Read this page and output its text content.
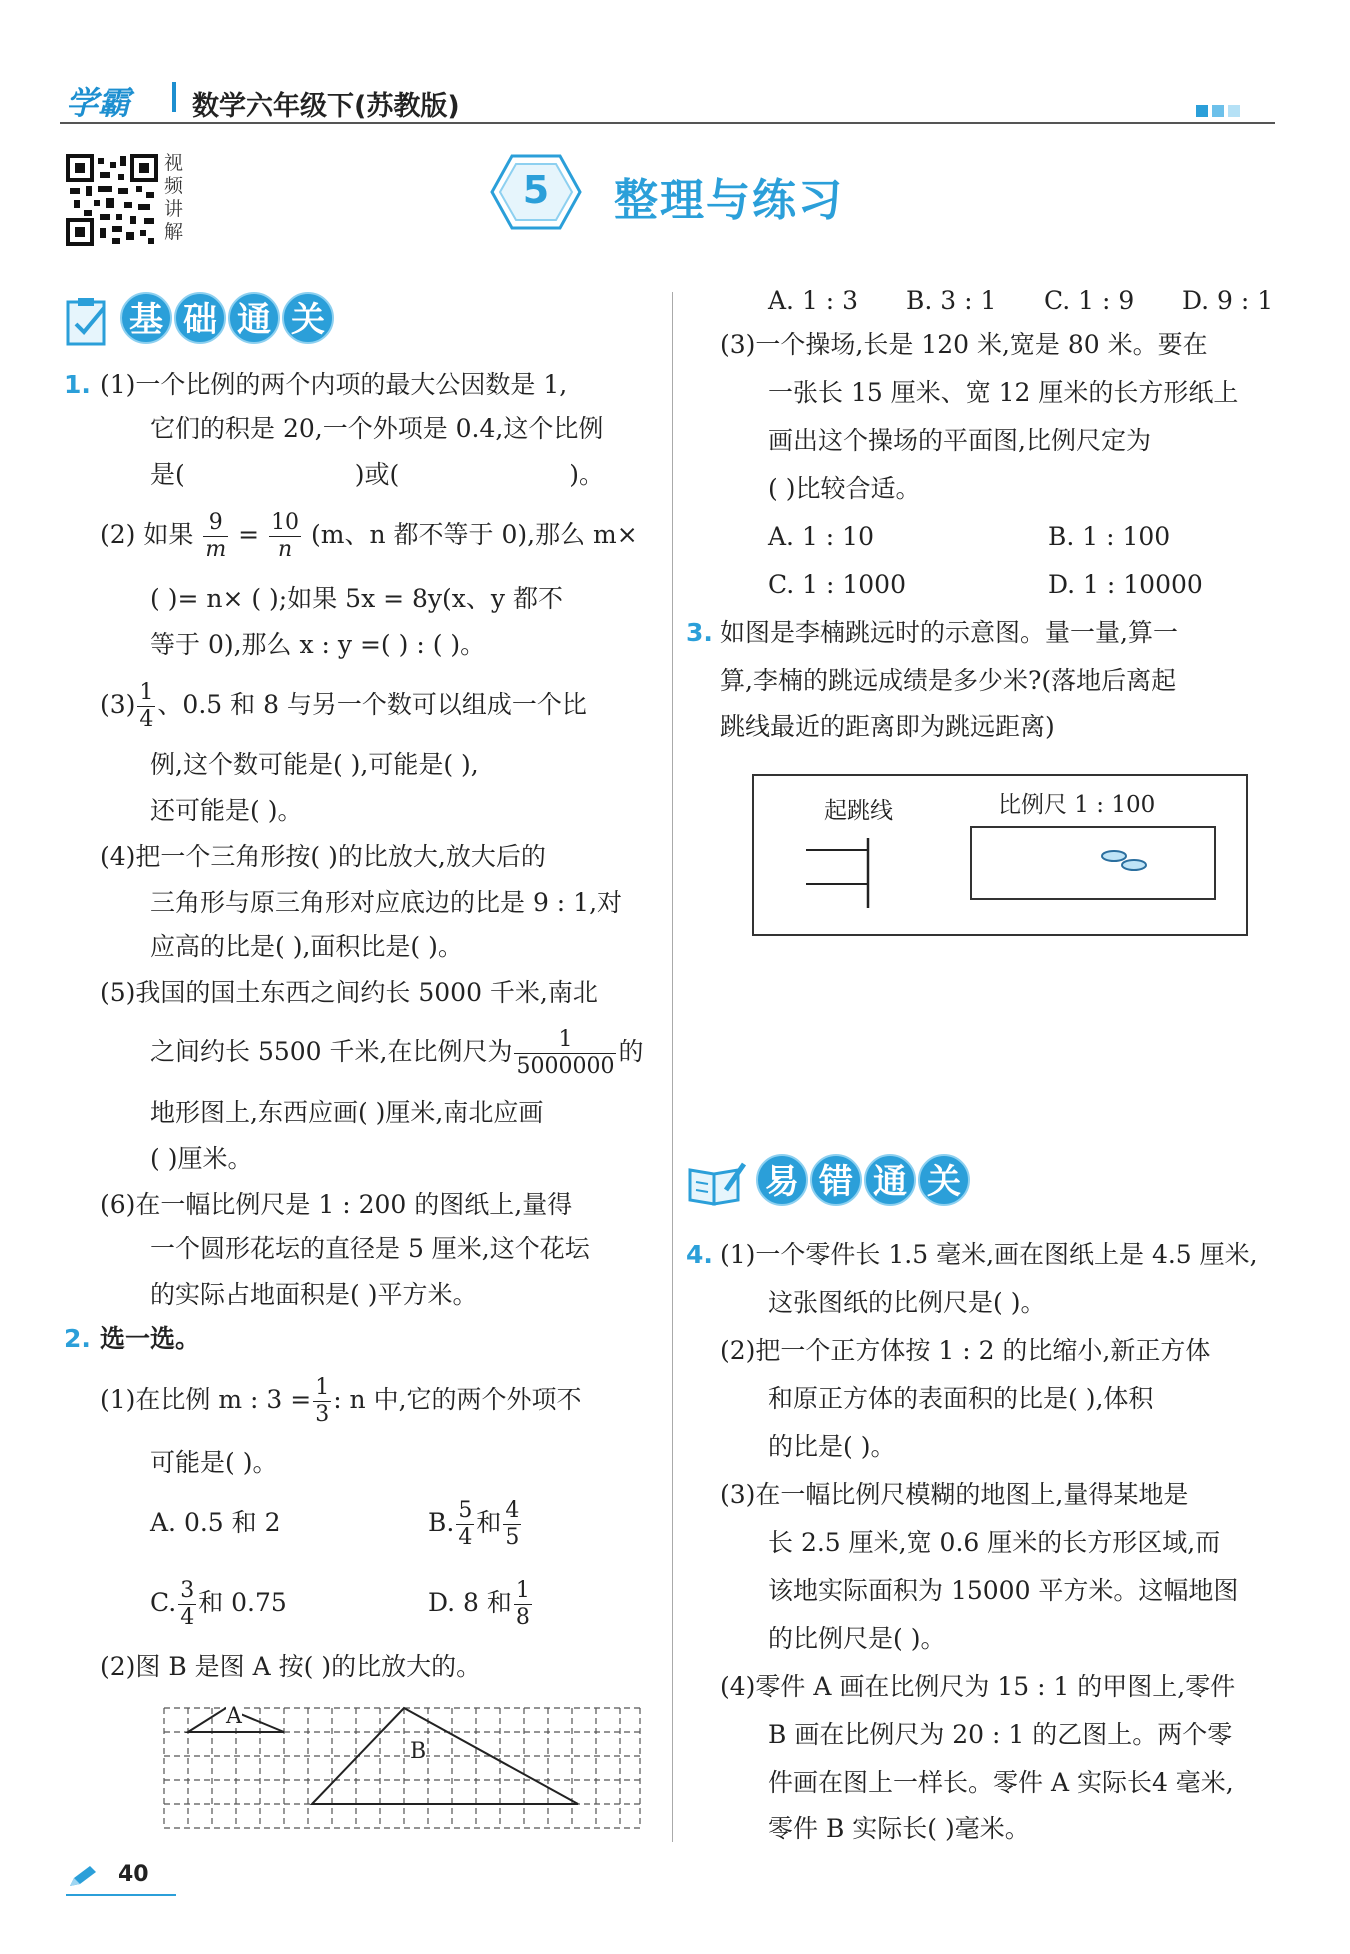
学霸 数学六年级下(苏教版)
视
频
讲
解
5	整理与练习
基 础 通 关
1. (1)一个比例的两个内项的最大公因数是 1,
它们的积是 20,一个外项是 0.4,这个比例
是(	)或(	)。
(2) 如果 $\frac{9}{m} = \frac{10}{n} (m$、n 都不等于 0),那么 m×
( )= n× ( );如果 5x = 8y(x、y 都不
等于 0),那么 x : y =( ) : ( )。
$(3) \frac{1}{4}$ 、0.5 和 8 与另一个数可以组成一个比
例,这个数可能是( ),可能是( ),
还可能是( )。
(4)把一个三角形按( )的比放大,放大后的
三角形与原三角形对应底边的比是 9 : 1,对
应高的比是( ),面积比是( )。
(5)我国的国土东西之间约长 5000 千米,南北
之间约长 5500 千米,在比例尺为 $\frac{1}{5000000}$ 的
地形图上,东西应画( )厘米,南北应画
( )厘米。
(6)在一幅比例尺是 1 : 200 的图纸上,量得
一个圆形花坛的直径是 5 厘米,这个花坛
的实际占地面积是( )平方米。
2. 选一选。
(1)在比例 m : $3 = \frac{1}{3}$ : n 中,它的两个外项不
可能是( )。
A. 0.5 和 2	B. $\frac{5}{4}$ 和 $\frac{4}{5}$
C. $\frac{3}{4}$ 和 0.75	D. 8 和 $\frac{1}{8}$
(2)图 B 是图 A 按( )的比放大的。
A
B
A. 1 : 3 B. 3 : 1 C. 1 : 9 D. 9 : 1
(3)一个操场,长是 120 米,宽是 80 米。要在
一张长 15 厘米、宽 12 厘米的长方形纸上
画出这个操场的平面图,比例尺定为
( )比较合适。
A. 1 : 10	B. 1 : 100
C. 1 : 1000	D. 1 : 10000
3. 如图是李楠跳远时的示意图。量一量,算一
算,李楠的跳远成绩是多少米?(落地后离起
跳线最近的距离即为跳远距离)
起跳线	比例尺 1 : 100
易 错 通 关
4. (1)一个零件长 1.5 毫米,画在图纸上是 4.5 厘米,
这张图纸的比例尺是( )。
(2)把一个正方体按 1 : 2 的比缩小,新正方体
和原正方体的表面积的比是( ),体积
的比是( )。
(3)在一幅比例尺模糊的地图上,量得某地是
长 2.5 厘米,宽 0.6 厘米的长方形区域,而
该地实际面积为 15000 平方米。这幅地图
的比例尺是( )。
(4)零件 A 画在比例尺为 15 : 1 的甲图上,零件
B 画在比例尺为 20 : 1 的乙图上。两个零
件画在图上一样长。零件 A 实际长4 毫米,
零件 B 实际长( )毫米。
40
